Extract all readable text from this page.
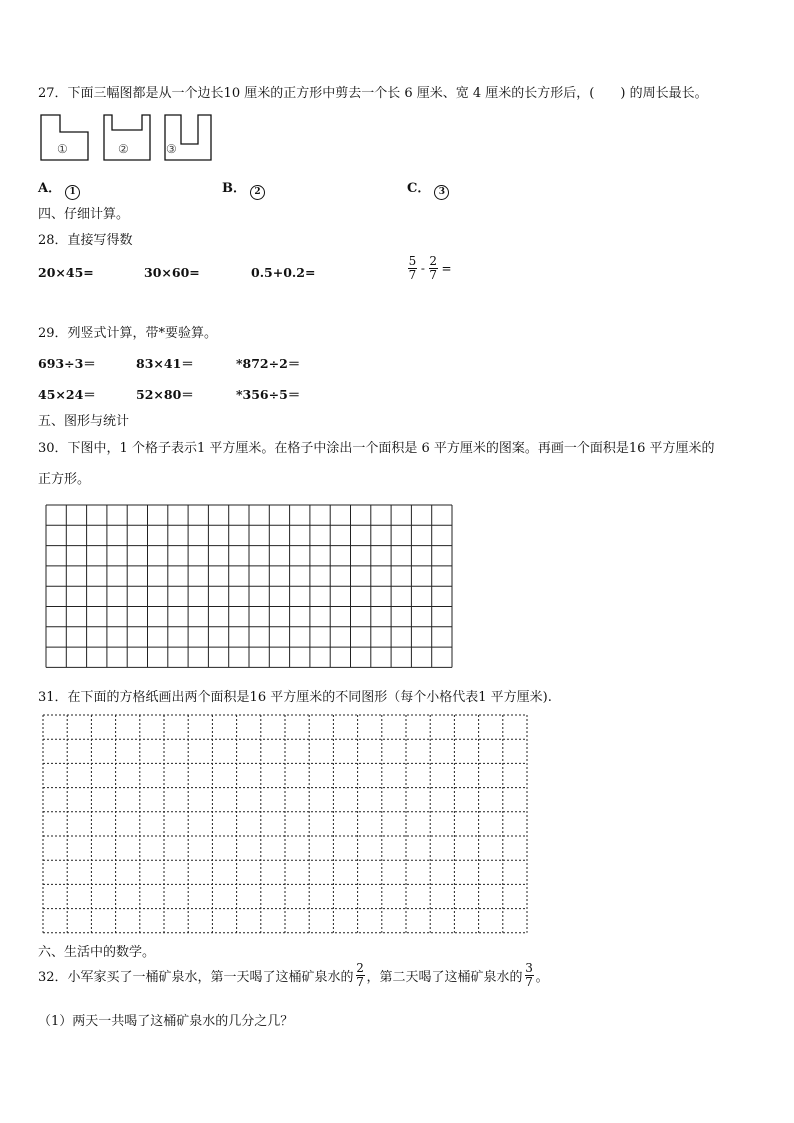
27．下面三幅图都是从一个边长10 厘米的正方形中剪去一个长 6 厘米、宽 4 厘米的长方形后，(　　) 的周长最长。
①	②	③
A． 1	B． 2	C． 3
四、仔细计算。
28．直接写得数
20×45=	30×60=	0.5+0.2=	$\frac{5}{7} - \frac{2}{7}$ =
29．列竖式计算，带*要验算。
693÷3＝	83×41＝	*872÷2＝
45×24＝	52×80＝	*356÷5＝
五、图形与统计
30．下图中，1 个格子表示1 平方厘米。在格子中涂出一个面积是 6 平方厘米的图案。再画一个面积是16 平方厘米的
正方形。
31．在下面的方格纸画出两个面积是16 平方厘米的不同图形（每个小格代表1 平方厘米).
六、生活中的数学。
32．小军家买了一桶矿泉水，第一天喝了这桶矿泉水的 $\frac{2}{7}$ ，第二天喝了这桶矿泉水的 $\frac{3}{7}$ 。
（1）两天一共喝了这桶矿泉水的几分之几？
